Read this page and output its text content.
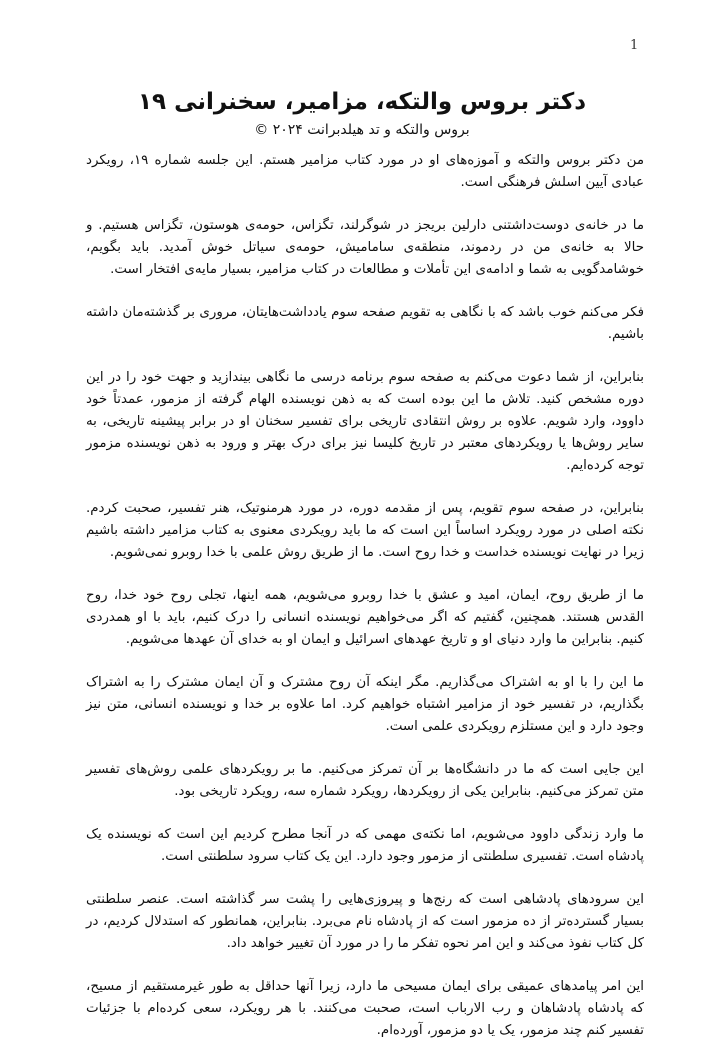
1
دکتر بروس والتکه، مزامیر، سخنرانی ۱۹
بروس والتکه و تد هیلدبرانت ۲۰۲۴ ©

من دکتر بروس والتکه و آموزه‌های او در مورد کتاب مزامیر هستم. این جلسه شماره ۱۹، رویکرد عبادی آیین اسلش فرهنگی است.

ما در خانه‌ی دوست‌داشتنی دارلین بریجز در شوگرلند، تگزاس، حومه‌ی هوستون، تگزاس هستیم. و حالا به خانه‌ی من در ردموند، منطقه‌ی سامامیش، حومه‌ی سیاتل خوش آمدید. باید بگویم، خوشامدگویی به شما و ادامه‌ی این تأملات و مطالعات در کتاب مزامیر، بسیار مایه‌ی افتخار است.

فکر می‌کنم خوب باشد که با نگاهی به تقویم صفحه سوم یادداشت‌هایتان، مروری بر گذشته‌مان داشته باشیم.

بنابراین، از شما دعوت می‌کنم به صفحه سوم برنامه درسی ما نگاهی بیندازید و جهت خود را در این دوره مشخص کنید. تلاش ما این بوده است که به ذهن نویسنده الهام گرفته از مزمور، عمدتاً خود داوود، وارد شویم. علاوه بر روش انتقادی تاریخی برای تفسیر سخنان او در برابر پیشینه تاریخی، به سایر روش‌ها یا رویکردهای معتبر در تاریخ کلیسا نیز برای درک بهتر و ورود به ذهن نویسنده مزمور توجه کرده‌ایم.

بنابراین، در صفحه سوم تقویم، پس از مقدمه دوره، در مورد هرمنوتیک، هنر تفسیر، صحبت کردم. نکته اصلی در مورد رویکرد اساساً این است که ما باید رویکردی معنوی به کتاب مزامیر داشته باشیم زیرا در نهایت نویسنده خداست و خدا روح است. ما از طریق روش علمی با خدا روبرو نمی‌شویم.

ما از طریق روح، ایمان، امید و عشق با خدا روبرو می‌شویم، همه اینها، تجلی روح خود خدا، روح القدس هستند. همچنین، گفتیم که اگر می‌خواهیم نویسنده انسانی را درک کنیم، باید با او همدردی کنیم. بنابراین ما وارد دنیای او و تاریخ عهدهای اسرائیل و ایمان او به خدای آن عهدها می‌شویم.

ما این را با او به اشتراک می‌گذاریم. مگر اینکه آن روح مشترک و آن ایمان مشترک را به اشتراک بگذاریم، در تفسیر خود از مزامیر اشتباه خواهیم کرد. اما علاوه بر خدا و نویسنده انسانی، متن نیز وجود دارد و این مستلزم رویکردی علمی است.

این جایی است که ما در دانشگاه‌ها بر آن تمرکز می‌کنیم. ما بر رویکردهای علمی روش‌های تفسیر متن تمرکز می‌کنیم. بنابراین یکی از رویکردها، رویکرد شماره سه، رویکرد تاریخی بود.

ما وارد زندگی داوود می‌شویم، اما نکته‌ی مهمی که در آنجا مطرح کردیم این است که نویسنده یک پادشاه است. تفسیری سلطنتی از مزمور وجود دارد. این یک کتاب سرود سلطنتی است.

این سرودهای پادشاهی است که رنج‌ها و پیروزی‌هایی را پشت سر گذاشته است. عنصر سلطنتی بسیار گسترده‌تر از ده مزمور است که از پادشاه نام می‌برد. بنابراین، همانطور که استدلال کردیم، در کل کتاب نفوذ می‌کند و این امر نحوه تفکر ما را در مورد آن تغییر خواهد داد.

این امر پیامدهای عمیقی برای ایمان مسیحی ما دارد، زیرا آنها حداقل به طور غیرمستقیم از مسیح، که پادشاه پادشاهان و رب الارباب است، صحبت می‌کنند. با هر رویکرد، سعی کرده‌ام با جزئیات تفسیر کنم چند مزمور، یک یا دو مزمور، آورده‌ام.
